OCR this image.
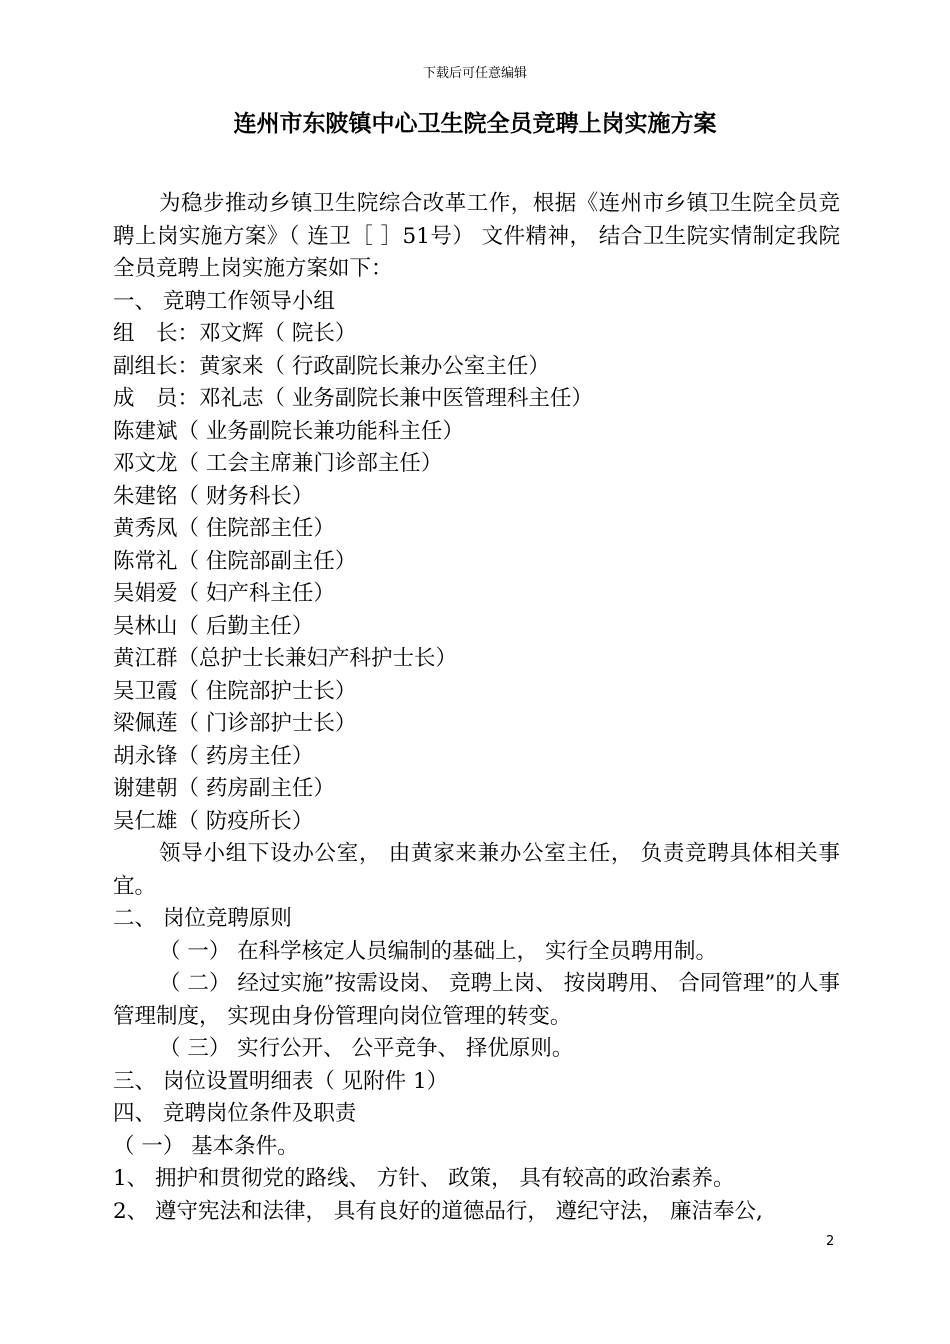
下载后可任意编辑
连州市东陂镇中心卫生院全员竞聘上岗实施方案

为稳步推动乡镇卫生院综合改革工作，根据《连州市乡镇卫生院全员竞聘上岗实施方案》（ 连卫［ ］51号） 文件精神， 结合卫生院实情制定我院全员竞聘上岗实施方案如下：

一、 竞聘工作领导小组

组　长：邓文辉（ 院长）

副组长：黄家来（ 行政副院长兼办公室主任）

成　员：邓礼志（ 业务副院长兼中医管理科主任）

陈建斌（ 业务副院长兼功能科主任）

邓文龙（ 工会主席兼门诊部主任）

朱建铭（ 财务科长）

黄秀凤（ 住院部主任）

陈常礼（ 住院部副主任）

吴娟爱（ 妇产科主任）

吴林山（ 后勤主任）

黄江群（总护士长兼妇产科护士长）

吴卫霞（ 住院部护士长）

梁佩莲（ 门诊部护士长）

胡永锋（ 药房主任）

谢建朝（ 药房副主任）

吴仁雄（ 防疫所长）

领导小组下设办公室， 由黄家来兼办公室主任， 负责竞聘具体相关事宜。

二、 岗位竞聘原则

（ 一） 在科学核定人员编制的基础上， 实行全员聘用制。

（ 二） 经过实施”按需设岗、 竞聘上岗、 按岗聘用、 合同管理”的人事管理制度， 实现由身份管理向岗位管理的转变。

（ 三） 实行公开、 公平竞争、 择优原则。

三、 岗位设置明细表（ 见附件 1）

四、 竞聘岗位条件及职责

（ 一） 基本条件。

1、 拥护和贯彻党的路线、 方针、 政策， 具有较高的政治素养。

2、 遵守宪法和法律， 具有良好的道德品行， 遵纪守法， 廉洁奉公,

2
